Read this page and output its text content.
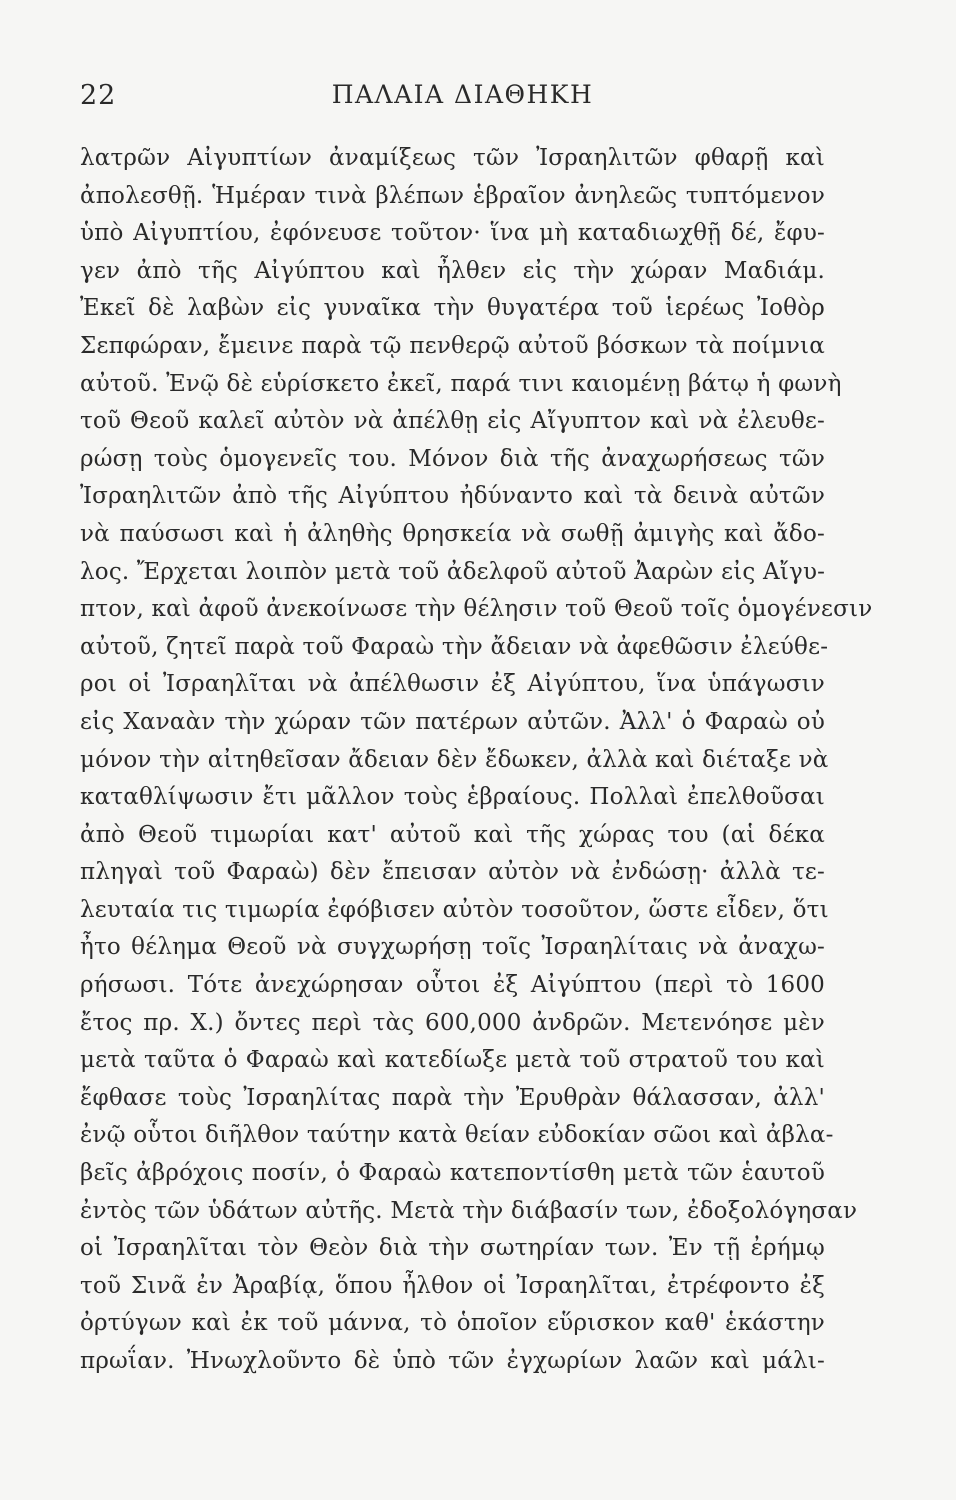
22	ΠΑΛΑΙΑ ΔΙΑΘΗΚΗ
λατρῶν Αἰγυπτίων ἀναμίξεως τῶν Ἰσραηλιτῶν φθαρῇ καὶ
ἀπολεσθῇ. Ἡμέραν τινὰ βλέπων ἑβραῖον ἀνηλεῶς τυπτόμενον
ὑπὸ Αἰγυπτίου, ἐφόνευσε τοῦτον· ἵνα μὴ καταδιωχθῇ δέ, ἔφυ-
γεν ἀπὸ τῆς Αἰγύπτου καὶ ἦλθεν εἰς τὴν χώραν Μαδιάμ.
Ἐκεῖ δὲ λαβὼν εἰς γυναῖκα τὴν θυγατέρα τοῦ ἱερέως Ἰοθὸρ
Σεπφώραν, ἔμεινε παρὰ τῷ πενθερῷ αὐτοῦ βόσκων τὰ ποίμνια
αὐτοῦ. Ἐνῷ δὲ εὑρίσκετο ἐκεῖ, παρά τινι καιομένῃ βάτῳ ἡ φωνὴ
τοῦ Θεοῦ καλεῖ αὐτὸν νὰ ἀπέλθῃ εἰς Αἴγυπτον καὶ νὰ ἐλευθε-
ρώσῃ τοὺς ὁμογενεῖς του. Μόνον διὰ τῆς ἀναχωρήσεως τῶν
Ἰσραηλιτῶν ἀπὸ τῆς Αἰγύπτου ἠδύναντο καὶ τὰ δεινὰ αὐτῶν
νὰ παύσωσι καὶ ἡ ἀληθὴς θρησκεία νὰ σωθῇ ἀμιγὴς καὶ ἄδο-
λος. Ἔρχεται λοιπὸν μετὰ τοῦ ἀδελφοῦ αὐτοῦ Ἀαρὼν εἰς Αἴγυ-
πτον, καὶ ἀφοῦ ἀνεκοίνωσε τὴν θέλησιν τοῦ Θεοῦ τοῖς ὁμογένεσιν
αὐτοῦ, ζητεῖ παρὰ τοῦ Φαραὼ τὴν ἄδειαν νὰ ἀφεθῶσιν ἐλεύθε-
ροι οἱ Ἰσραηλῖται νὰ ἀπέλθωσιν ἐξ Αἰγύπτου, ἵνα ὑπάγωσιν
εἰς Χαναὰν τὴν χώραν τῶν πατέρων αὐτῶν. Ἀλλ' ὁ Φαραὼ οὐ
μόνον τὴν αἰτηθεῖσαν ἄδειαν δὲν ἔδωκεν, ἀλλὰ καὶ διέταξε νὰ
καταθλίψωσιν ἔτι μᾶλλον τοὺς ἑβραίους. Πολλαὶ ἐπελθοῦσαι
ἀπὸ Θεοῦ τιμωρίαι κατ' αὐτοῦ καὶ τῆς χώρας του (αἱ δέκα
πληγαὶ τοῦ Φαραὼ) δὲν ἔπεισαν αὐτὸν νὰ ἐνδώσῃ· ἀλλὰ τε-
λευταία τις τιμωρία ἐφόβισεν αὐτὸν τοσοῦτον, ὥστε εἶδεν, ὅτι
ἦτο θέλημα Θεοῦ νὰ συγχωρήσῃ τοῖς Ἰσραηλίταις νὰ ἀναχω-
ρήσωσι. Τότε ἀνεχώρησαν οὗτοι ἐξ Αἰγύπτου (περὶ τὸ 1600
ἔτος πρ. Χ.) ὄντες περὶ τὰς 600,000 ἀνδρῶν. Μετενόησε μὲν
μετὰ ταῦτα ὁ Φαραὼ καὶ κατεδίωξε μετὰ τοῦ στρατοῦ του καὶ
ἔφθασε τοὺς Ἰσραηλίτας παρὰ τὴν Ἐρυθρὰν θάλασσαν, ἀλλ'
ἐνῷ οὗτοι διῆλθον ταύτην κατὰ θείαν εὐδοκίαν σῶοι καὶ ἀβλα-
βεῖς ἀβρόχοις ποσίν, ὁ Φαραὼ κατεποντίσθη μετὰ τῶν ἑαυτοῦ
ἐντὸς τῶν ὑδάτων αὐτῆς. Μετὰ τὴν διάβασίν των, ἐδοξολόγησαν
οἱ Ἰσραηλῖται τὸν Θεὸν διὰ τὴν σωτηρίαν των. Ἐν τῇ ἐρήμῳ
τοῦ Σινᾶ ἐν Ἀραβίᾳ, ὅπου ἦλθον οἱ Ἰσραηλῖται, ἐτρέφοντο ἐξ
ὀρτύγων καὶ ἐκ τοῦ μάννα, τὸ ὁποῖον εὕρισκον καθ' ἑκάστην
πρωΐαν. Ἠνωχλοῦντο δὲ ὑπὸ τῶν ἐγχωρίων λαῶν καὶ μάλι-
